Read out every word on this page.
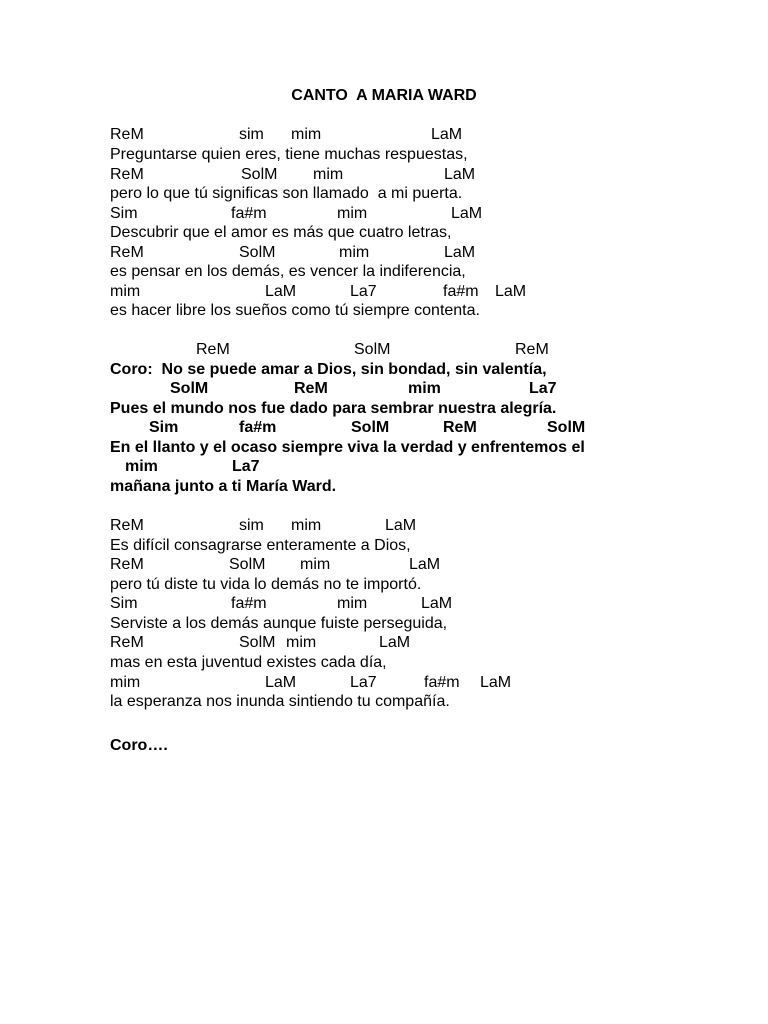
CANTO  A MARIA WARD

ReM

	sim

mim

	LaM

Preguntarse quien eres, tiene muchas respuestas,

ReM

	SolM

mim

	LaM

pero lo que tú significas son llamado  a mi puerta.

Sim

	fa#m

	mim

	LaM

Descubrir que el amor es más que cuatro letras,

ReM

	SolM

	mim

	LaM

es pensar en los demás, es vencer la indiferencia,

mim

	LaM

	La7

	fa#m

LaM

es hacer libre los sueños como tú siempre contenta.

ReM

	SolM

	ReM

Coro:  No se puede amar a Dios, sin bondad, sin valentía,

SolM

	ReM

	mim

	La7

Pues el mundo nos fue dado para sembrar nuestra alegría.

Sim

	fa#m

	SolM

	ReM

	SolM

En el llanto y el ocaso siempre viva la verdad y enfrentemos el

mim

	La7

mañana junto a ti María Ward.

ReM

	sim

mim

	LaM

Es difícil consagrarse enteramente a Dios,

ReM

	SolM

mim

	LaM

pero tú diste tu vida lo demás no te importó.

Sim

	fa#m

	mim

	LaM

Serviste a los demás aunque fuiste perseguida,

ReM

	SolM

mim

	LaM

mas en esta juventud existes cada día,

mim

	LaM

	La7

	fa#m

LaM

la esperanza nos inunda sintiendo tu compañía.
Coro….
